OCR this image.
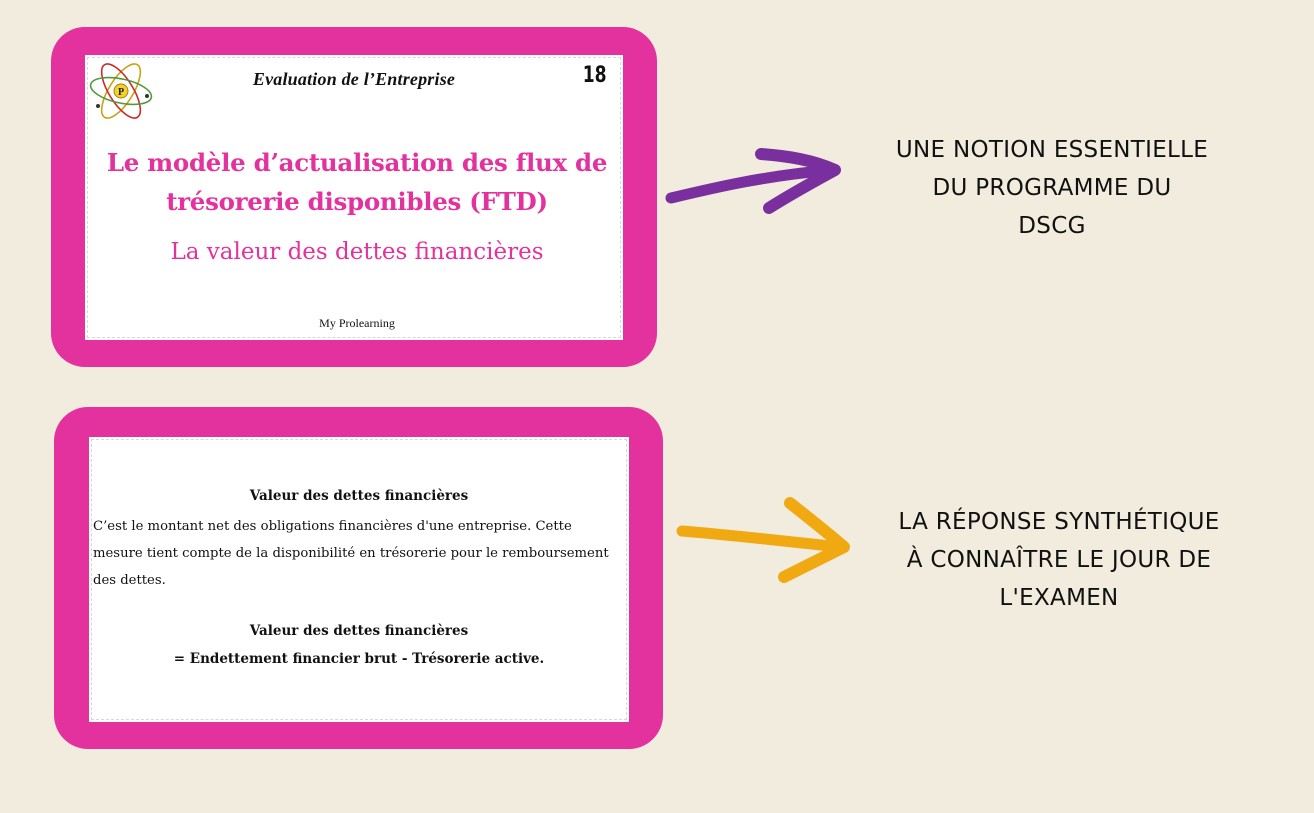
P
Evaluation de l’Entreprise	18
Le modèle d’actualisation des flux de
trésorerie disponibles (FTD)
La valeur des dettes financières
My Prolearning
UNE NOTION ESSENTIELLE
DU PROGRAMME DU
DSCG
Valeur des dettes financières
C’est le montant net des obligations financières d'une entreprise. Cette mesure tient compte de la disponibilité en trésorerie pour le remboursement des dettes.
Valeur des dettes financières
= Endettement financier brut - Trésorerie active.
LA RÉPONSE SYNTHÉTIQUE
À CONNAÎTRE LE JOUR DE
L'EXAMEN
